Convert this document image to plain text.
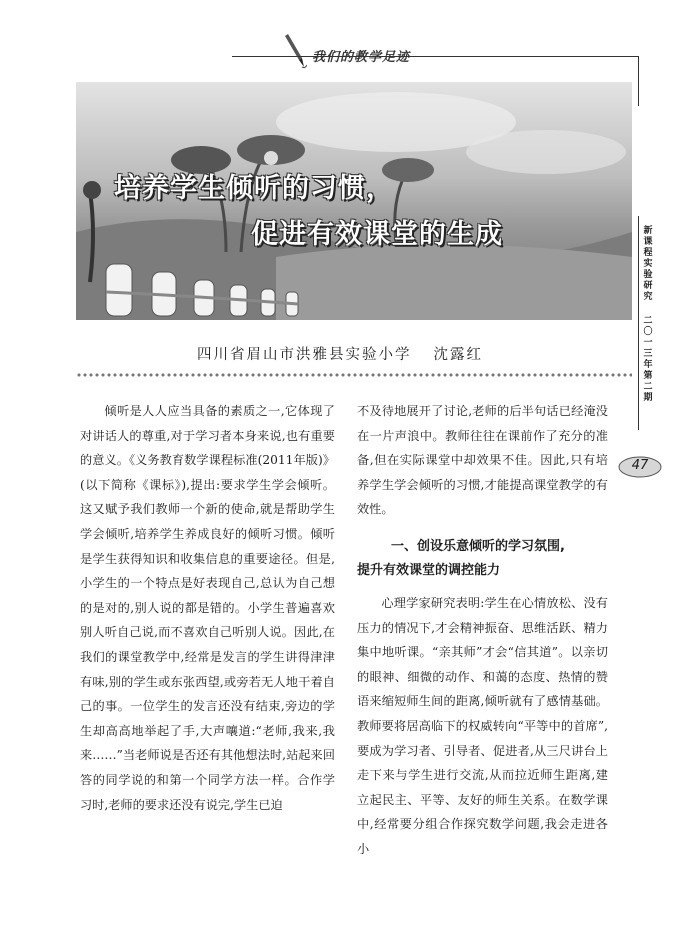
我们的教学足迹
培养学生倾听的习惯，
促进有效课堂的生成
四川省眉山市洪雅县实验小学 沈露红

倾听是人人应当具备的素质之一,它体现了对讲话人的尊重,对于学习者本身来说,也有重要的意义。《义务教育数学课程标准(2011年版)》(以下简称《课标》),提出:要求学生学会倾听。这又赋予我们教师一个新的使命,就是帮助学生学会倾听,培养学生养成良好的倾听习惯。倾听是学生获得知识和收集信息的重要途径。但是,小学生的一个特点是好表现自己,总认为自己想的是对的,别人说的都是错的。小学生普遍喜欢别人听自己说,而不喜欢自己听别人说。因此,在我们的课堂教学中,经常是发言的学生讲得津津有味,别的学生或东张西望,或旁若无人地干着自己的事。一位学生的发言还没有结束,旁边的学生却高高地举起了手,大声嚷道:“老师,我来,我来……”当老师说是否还有其他想法时,站起来回答的同学说的和第一个同学方法一样。合作学习时,老师的要求还没有说完,学生已迫

不及待地展开了讨论,老师的后半句话已经淹没在一片声浪中。教师往往在课前作了充分的准备,但在实际课堂中却效果不佳。因此,只有培养学生学会倾听的习惯,才能提高课堂教学的有效性。

一、创设乐意倾听的学习氛围,
提升有效课堂的调控能力

心理学家研究表明:学生在心情放松、没有压力的情况下,才会精神振奋、思维活跃、精力集中地听课。“亲其师”才会“信其道”。以亲切的眼神、细微的动作、和蔼的态度、热情的赞语来缩短师生间的距离,倾听就有了感情基础。教师要将居高临下的权威转向“平等中的首席”,要成为学习者、引导者、促进者,从三尺讲台上走下来与学生进行交流,从而拉近师生距离,建立起民主、平等、友好的师生关系。在数学课中,经常要分组合作探究数学问题,我会走进各小

新课程实验研究
二〇一三年 第二期
47
